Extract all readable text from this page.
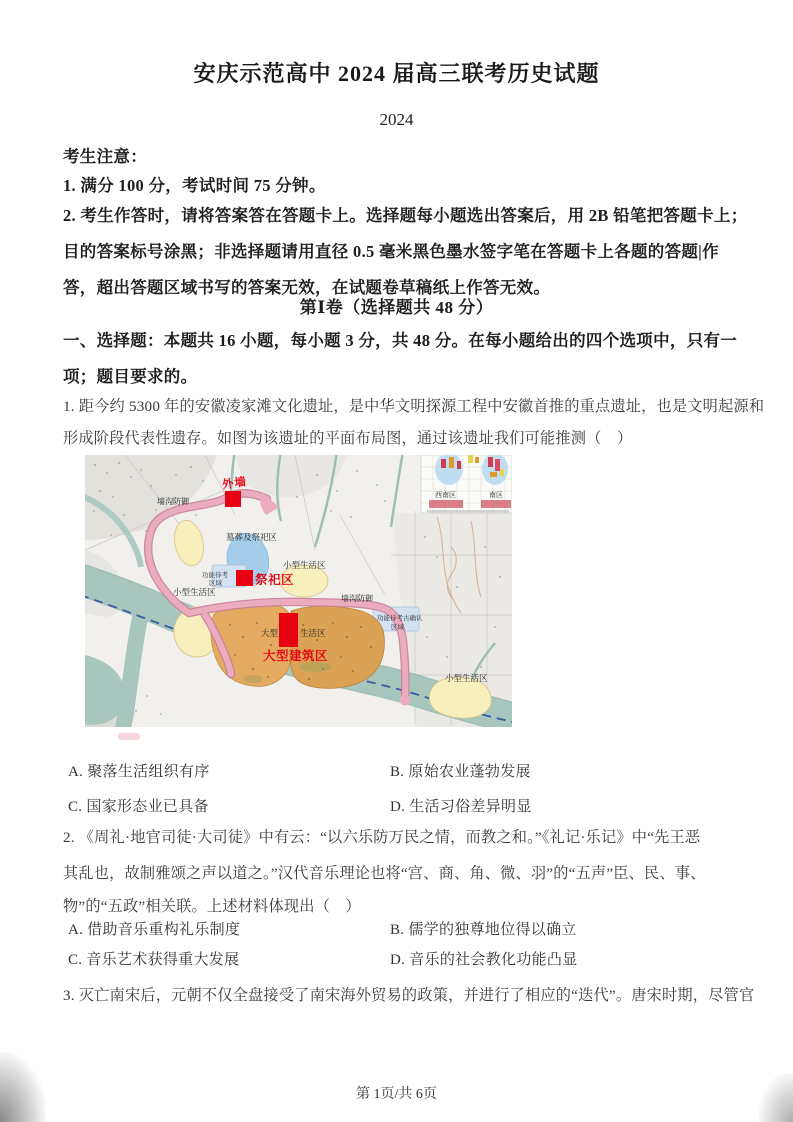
安庆示范高中 2024 届高三联考历史试题
2024
考生注意：
1. 满分 100 分，考试时间 75 分钟。
2. 考生作答时，请将答案答在答题卡上。选择题每小题选出答案后，用 2B 铅笔把答题卡上；
目的答案标号涂黑；非选择题请用直径 0.5 毫米黑色墨水签字笔在答题卡上各题的答题|作
答，超出答题区域书写的答案无效，在试题卷草稿纸上作答无效。
第Ⅰ卷（选择题共 48 分）
一、选择题：本题共 16 小题，每小题 3 分，共 48 分。在每小题给出的四个选项中，只有一
项；题目要求的。
1. 距今约 5300 年的安徽凌家滩文化遗址，是中华文明探源工程中安徽首推的重点遗址，也是文明起源和
形成阶段代表性遗存。如图为该遗址的平面布局图，通过该遗址我们可能推测（　）
西南区	南区
墙沟防御
墓葬及祭祀区
小型生活区
功能待考
区域
小型生活区
墙沟防御
功能待考古确认
区域
大型	生活区
小型生活区
外墙
祭祀区
大型建筑区
A. 聚落生活组织有序	B. 原始农业蓬勃发展
C. 国家形态业已具备	D. 生活习俗差异明显
2. 《周礼·地官司徒·大司徒》中有云：“以六乐防万民之情，而教之和。”《礼记·乐记》中“先王恶
其乱也，故制雅颂之声以道之。”汉代音乐理论也将“宫、商、角、微、羽”的“五声”臣、民、事、
物”的“五政”相关联。上述材料体现出（　）
A. 借助音乐重构礼乐制度	B. 儒学的独尊地位得以确立
C. 音乐艺术获得重大发展	D. 音乐的社会教化功能凸显
3. 灭亡南宋后，元朝不仅全盘接受了南宋海外贸易的政策，并进行了相应的“迭代”。唐宋时期，尽管官
第 1页/共 6页
